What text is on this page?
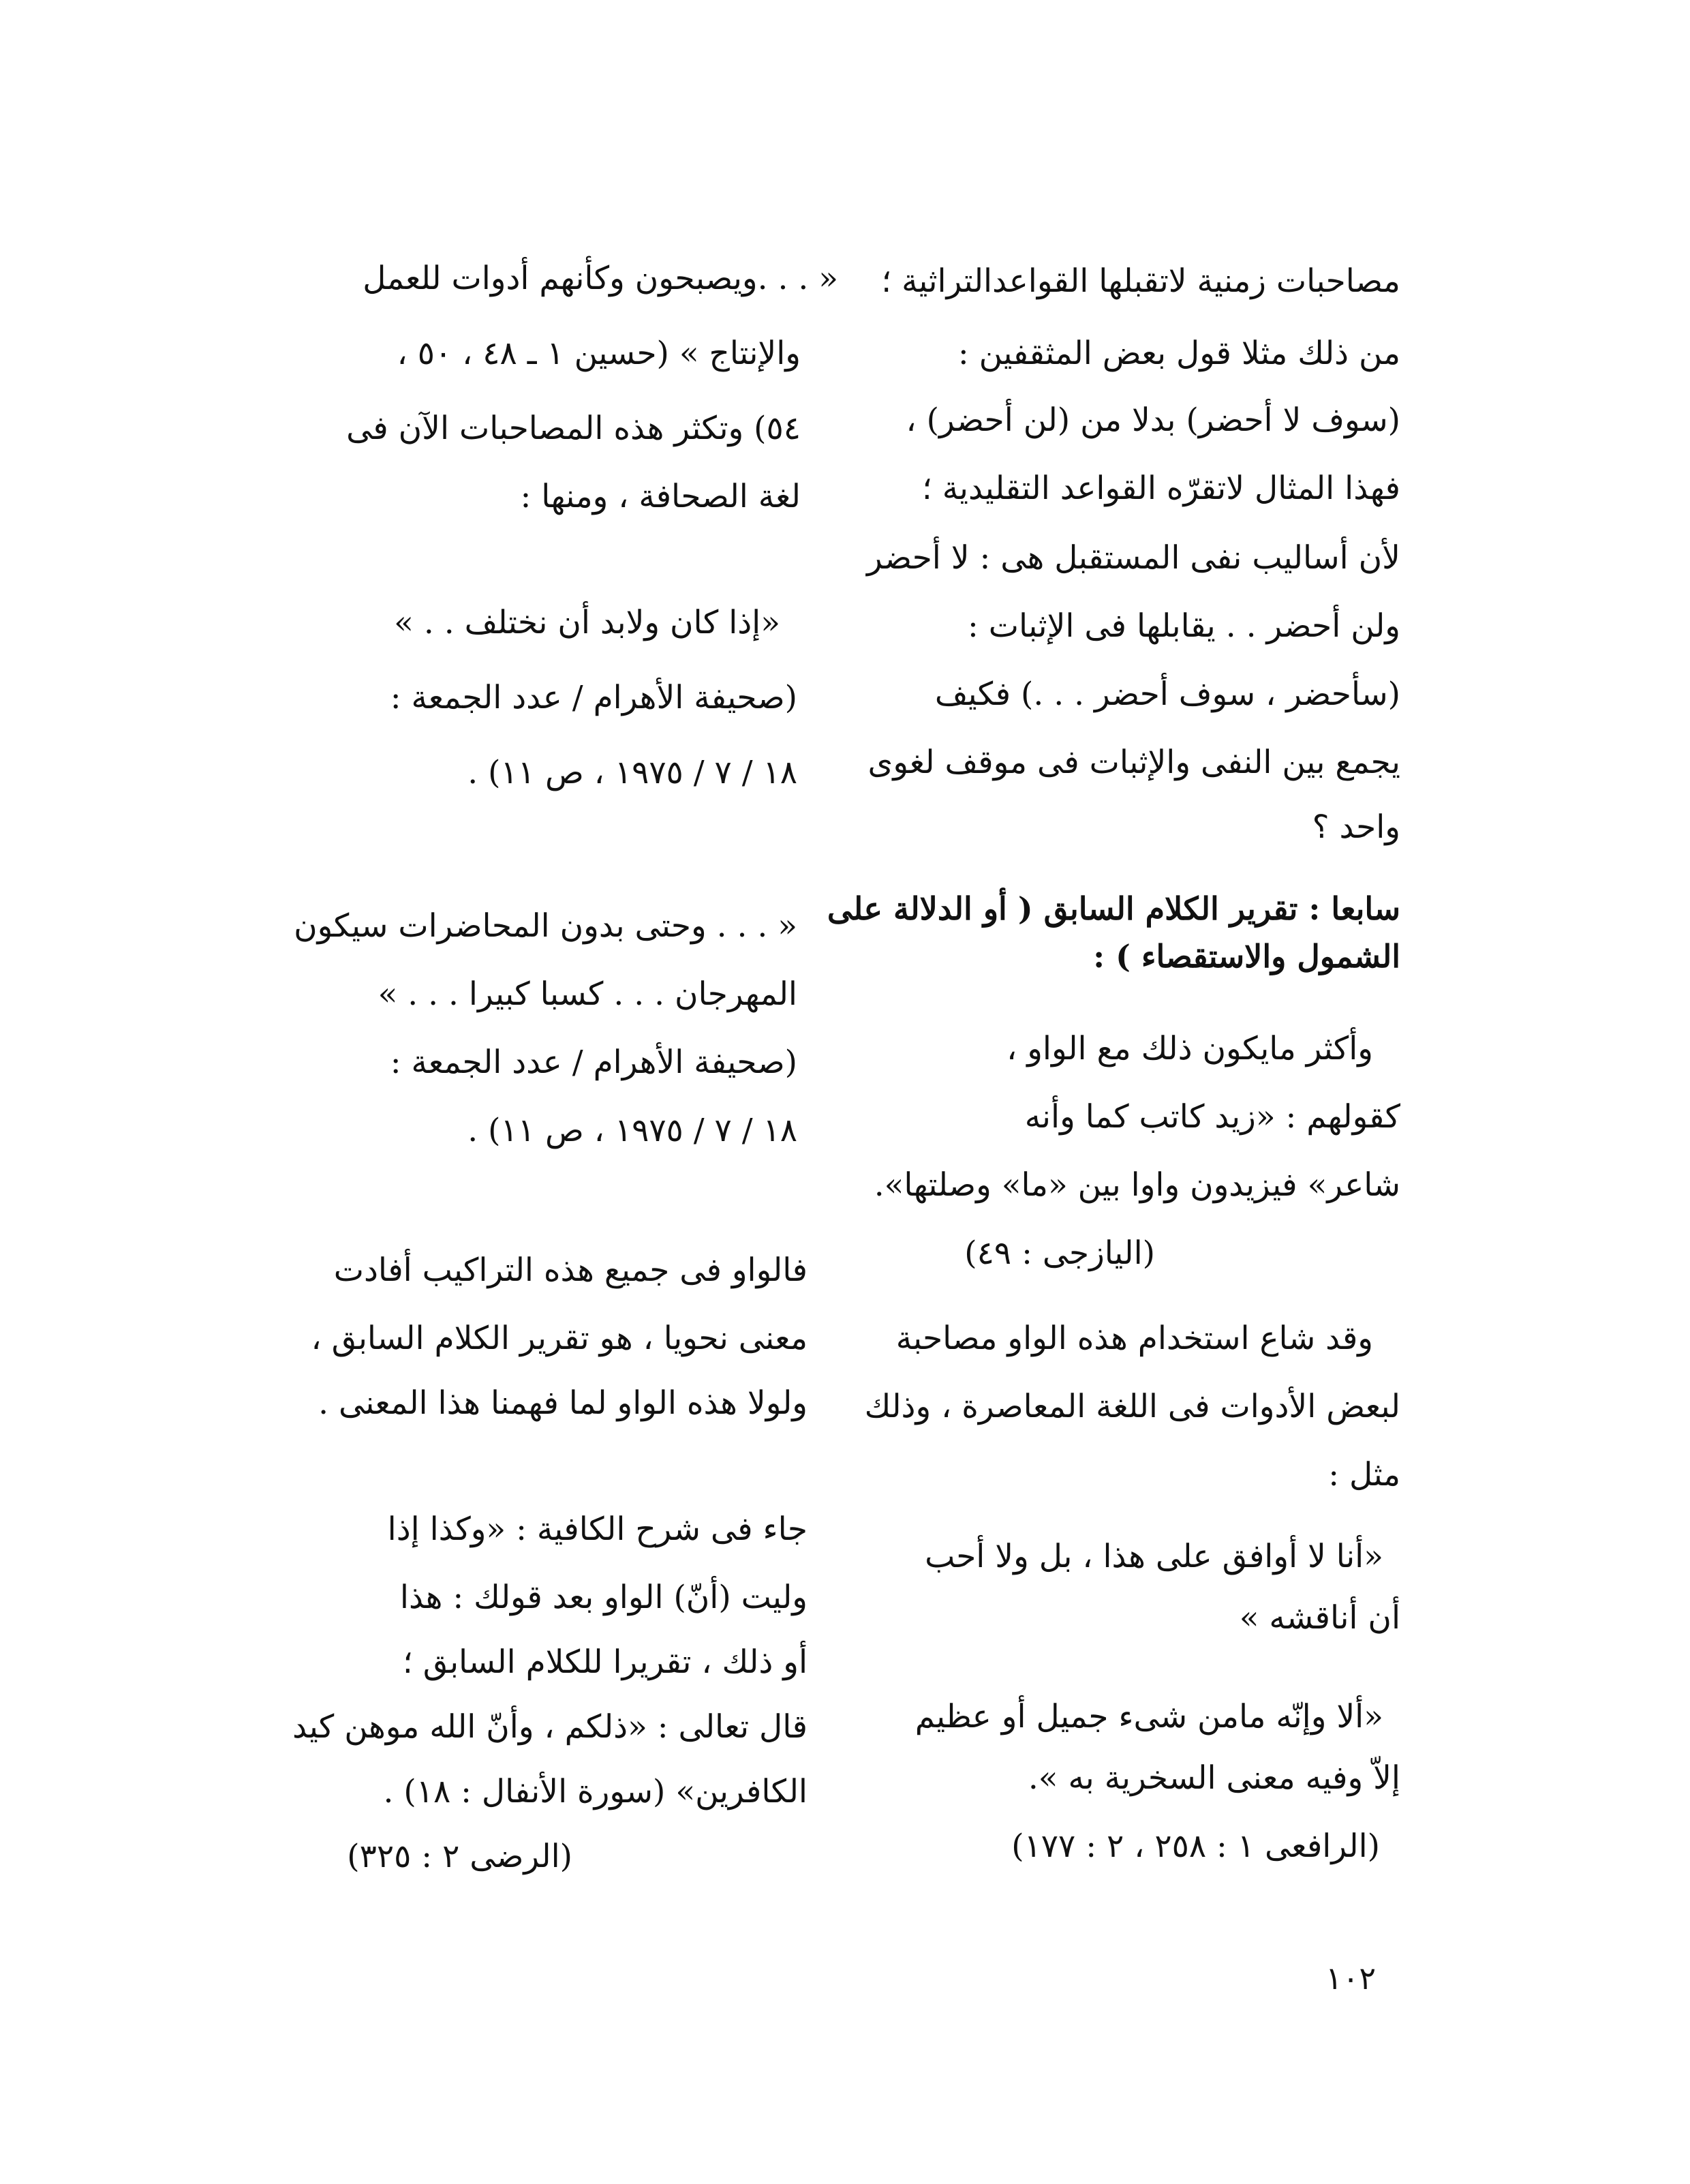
مصاحبات زمنية لاتقبلها القواعدالتراثية ؛
من ذلك مثلا قول بعض المثقفين :
(سوف لا أحضر) بدلا من (لن أحضر) ،
فهذا المثال لاتقرّه القواعد التقليدية ؛
لأن أساليب نفى المستقبل هى : لا أحضر
ولن أحضر . . يقابلها فى الإثبات :
(سأحضر ، سوف أحضر . . .) فكيف
يجمع بين النفى والإثبات فى موقف لغوى
واحد ؟
سابعا : تقرير الكلام السابق ( أو الدلالة على
الشمول والاستقصاء ) :
وأكثر مايكون ذلك مع الواو ،
كقولهم : «زيد كاتب كما وأنه
شاعر» فيزيدون واوا بين «ما» وصلتها».
(اليازجى : ٤٩)
وقد شاع استخدام هذه الواو مصاحبة
لبعض الأدوات فى اللغة المعاصرة ، وذلك
مثل :
«أنا لا أوافق على هذا ، بل ولا أحب
أن أناقشه »
«ألا وإنّه مامن شىء جميل أو عظيم
إلاّ وفيه معنى السخرية به ».
(الرافعى ١ : ٢٥٨ ، ٢ : ١٧٧)
« . . .ويصبحون وكأنهم أدوات للعمل
والإنتاج » (حسين ١ ـ ٤٨ ، ٥٠ ،
٥٤) وتكثر هذه المصاحبات الآن فى
لغة الصحافة ، ومنها :
«إذا كان ولابد أن نختلف . . »
(صحيفة الأهرام / عدد الجمعة :
١٨ / ٧ / ١٩٧٥ ، ص ١١) .
« . . . وحتى بدون المحاضرات سيكون
المهرجان . . . كسبا كبيرا . . . »
(صحيفة الأهرام / عدد الجمعة :
١٨ / ٧ / ١٩٧٥ ، ص ١١) .
فالواو فى جميع هذه التراكيب أفادت
معنى نحويا ، هو تقرير الكلام السابق ،
ولولا هذه الواو لما فهمنا هذا المعنى .
جاء فى شرح الكافية : «وكذا إذا
وليت (أنّ) الواو بعد قولك : هذا
أو ذلك ، تقريرا للكلام السابق ؛
قال تعالى : «ذلكم ، وأنّ الله موهن كيد
الكافرين» (سورة الأنفال : ١٨) .
(الرضى ٢ : ٣٢٥)
١٠٢
